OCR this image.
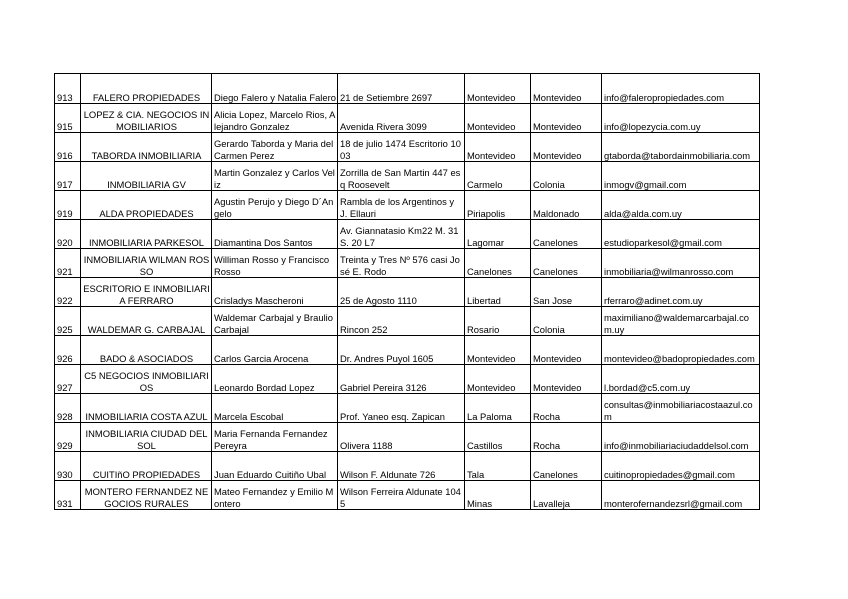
913	FALERO PROPIEDADES	Diego Falero y Natalia Falero	21 de Setiembre 2697	Montevideo	Montevideo	info@faleropropiedades.com
915	LOPEZ & CIA. NEGOCIOS INMOBILIARIOS	Alicia Lopez, Marcelo Rios, Alejandro Gonzalez	Avenida Rivera 3099	Montevideo	Montevideo	info@lopezycia.com.uy
916	TABORDA INMOBILIARIA	Gerardo Taborda y Maria del Carmen Perez	18 de julio 1474 Escritorio 1003	Montevideo	Montevideo	gtaborda@tabordainmobiliaria.com
917	INMOBILIARIA GV	Martin Gonzalez y Carlos Veliz	Zorrilla de San Martin 447 esq Roosevelt	Carmelo	Colonia	inmogv@gmail.com
919	ALDA PROPIEDADES	Agustin Perujo y Diego D´Angelo	Rambla de los Argentinos y J. Ellauri	Piriapolis	Maldonado	alda@alda.com.uy
920	INMOBILIARIA PARKESOL	Diamantina Dos Santos	Av. Giannatasio Km22 M. 31 S. 20 L7	Lagomar	Canelones	estudioparkesol@gmail.com
921	INMOBILIARIA WILMAN ROSSO	Williman Rosso y Francisco Rosso	Treinta y Tres Nº 576 casi José E. Rodo	Canelones	Canelones	inmobiliaria@wilmanrosso.com
922	ESCRITORIO E INMOBILIARIA FERRARO	Crisladys Mascheroni	25 de Agosto 1110	Libertad	San Jose	rferraro@adinet.com.uy
925	WALDEMAR G. CARBAJAL	Waldemar Carbajal y Braulio Carbajal	Rincon 252	Rosario	Colonia	maximiliano@waldemarcarbajal.com.uy
926	BADO & ASOCIADOS	Carlos Garcia Arocena	Dr. Andres Puyol 1605	Montevideo	Montevideo	montevideo@badopropiedades.com
927	C5 NEGOCIOS INMOBILIARIOS	Leonardo Bordad Lopez	Gabriel Pereira 3126	Montevideo	Montevideo	l.bordad@c5.com.uy
928	INMOBILIARIA COSTA AZUL	Marcela Escobal	Prof. Yaneo esq. Zapican	La Paloma	Rocha	consultas@inmobiliariacostaazul.com
929	INMOBILIARIA CIUDAD DEL SOL	Maria Fernanda Fernandez Pereyra	Olivera 1188	Castillos	Rocha	info@inmobiliariaciudaddelsol.com
930	CUITIñO PROPIEDADES	Juan Eduardo Cuitiño Ubal	Wilson F. Aldunate 726	Tala	Canelones	cuitinopropiedades@gmail.com
931	MONTERO FERNANDEZ NEGOCIOS RURALES	Mateo Fernandez y Emilio Montero	Wilson Ferreira Aldunate 1045	Minas	Lavalleja	monterofernandezsrl@gmail.com
